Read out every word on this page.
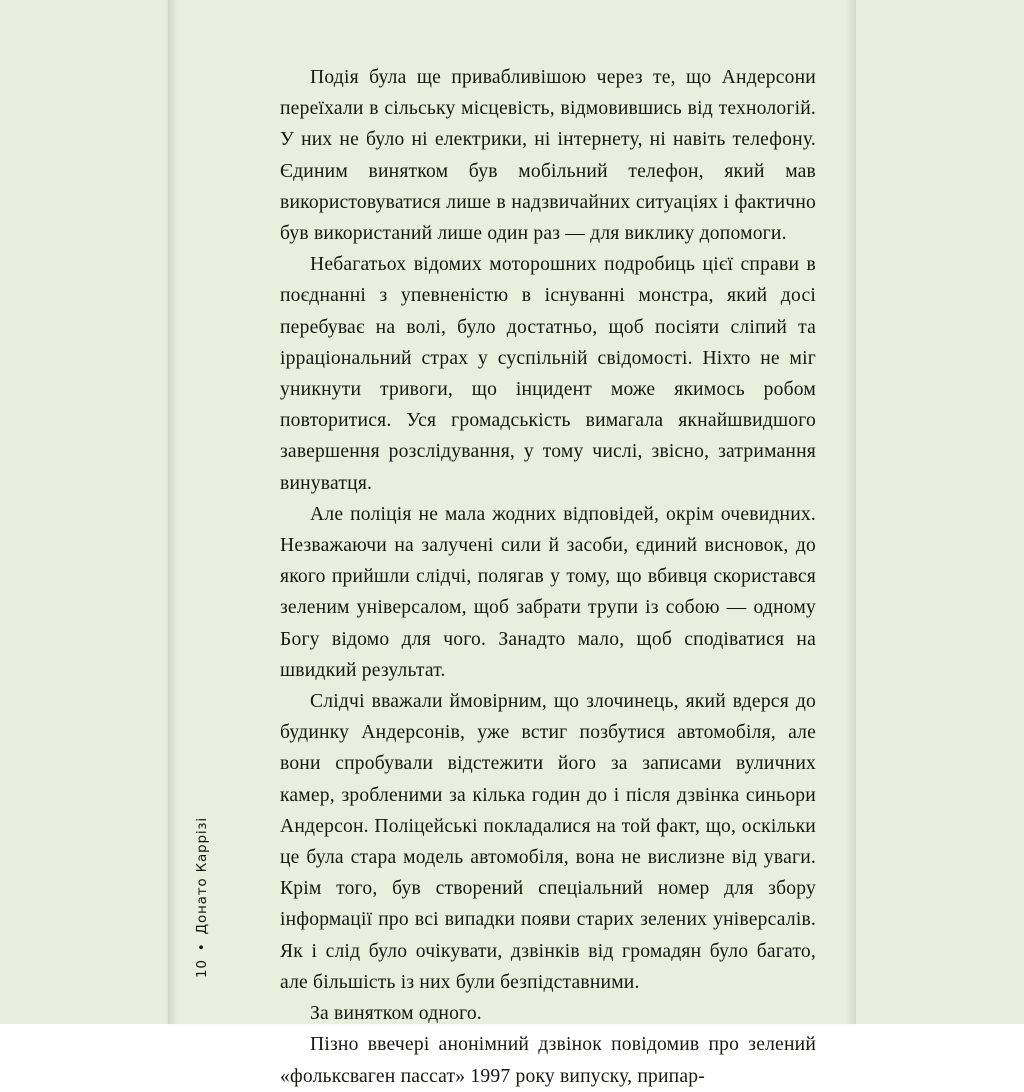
Подія була ще привабливішою через те, що Андерсони переїхали в сільську місцевість, відмовившись від технологій. У них не було ні електрики, ні інтернету, ні навіть телефону. Єдиним винятком був мобільний телефон, який мав використовуватися лише в надзвичайних ситуаціях і фактично був використаний лише один раз — для виклику допомоги.

Небагатьох відомих моторошних подробиць цієї справи в поєднанні з упевненістю в існуванні монстра, який досі перебуває на волі, було достатньо, щоб посіяти сліпий та ірраціональний страх у суспільній свідомості. Ніхто не міг уникнути тривоги, що інцидент може якимось робом повторитися. Уся громадськість вимагала якнайшвидшого завершення розслідування, у тому числі, звісно, затримання винуватця.

Але поліція не мала жодних відповідей, окрім очевидних. Незважаючи на залучені сили й засоби, єдиний висновок, до якого прийшли слідчі, полягав у тому, що вбивця скористався зеленим універсалом, щоб забрати трупи із собою — одному Богу відомо для чого. Занадто мало, щоб сподіватися на швидкий результат.

Слідчі вважали ймовірним, що злочинець, який вдерся до будинку Андерсонів, уже встиг позбутися автомобіля, але вони спробували відстежити його за записами вуличних камер, зробленими за кілька годин до і після дзвінка синьори Андерсон. Поліцейські покладалися на той факт, що, оскільки це була стара модель автомобіля, вона не вислизне від уваги. Крім того, був створений спеціальний номер для збору інформації про всі випадки появи старих зелених універсалів. Як і слід було очікувати, дзвінків від громадян було багато, але більшість із них були безпідставними.

За винятком одного.

Пізно ввечері анонімний дзвінок повідомив про зелений «фольксваген пассат» 1997 року випуску, припар-

10•Донато Каррізі
